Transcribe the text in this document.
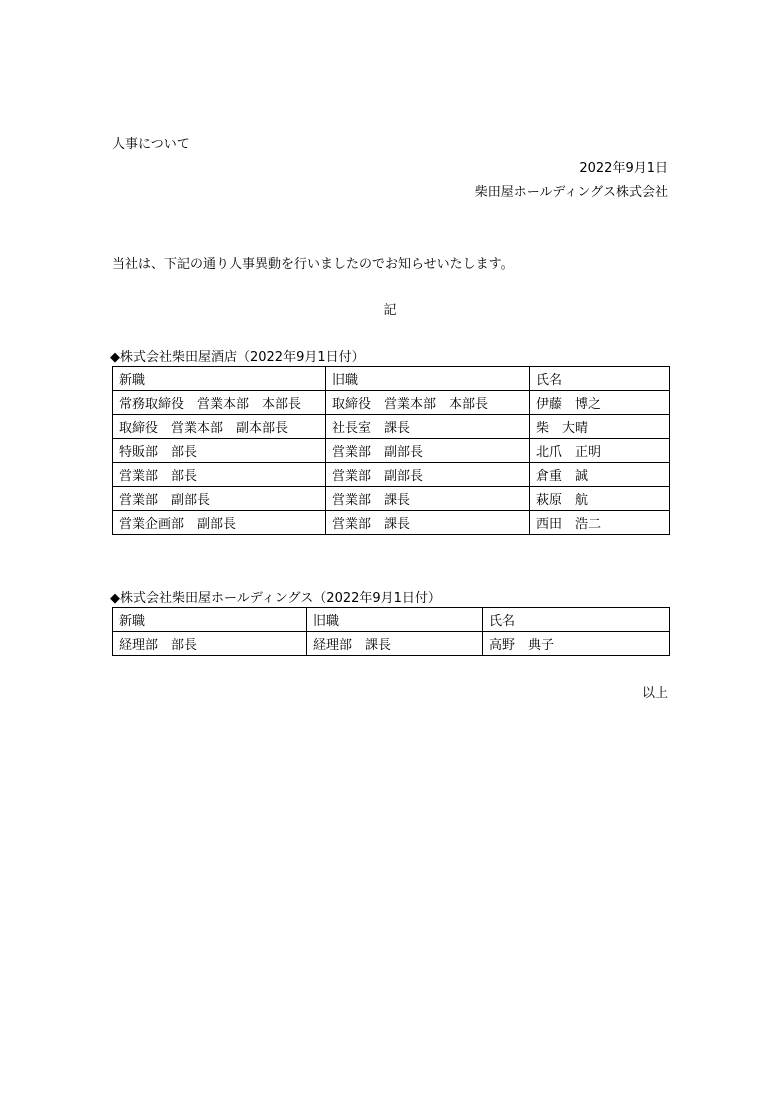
人事について
2022年9月1日
柴田屋ホールディングス株式会社
当社は、下記の通り人事異動を行いましたのでお知らせいたします。
記
◆株式会社柴田屋酒店（2022年9月1日付）
新職	旧職	氏名
常務取締役　営業本部　本部長	取締役　営業本部　本部長	伊藤　博之
取締役　営業本部　副本部長	社長室　課長	柴　大晴
特販部　部長	営業部　副部長	北爪　正明
営業部　部長	営業部　副部長	倉重　誠
営業部　副部長	営業部　課長	萩原　航
営業企画部　副部長	営業部　課長	西田　浩二
◆株式会社柴田屋ホールディングス（2022年9月1日付）
新職	旧職	氏名
経理部　部長	経理部　課長	高野　典子
以上
